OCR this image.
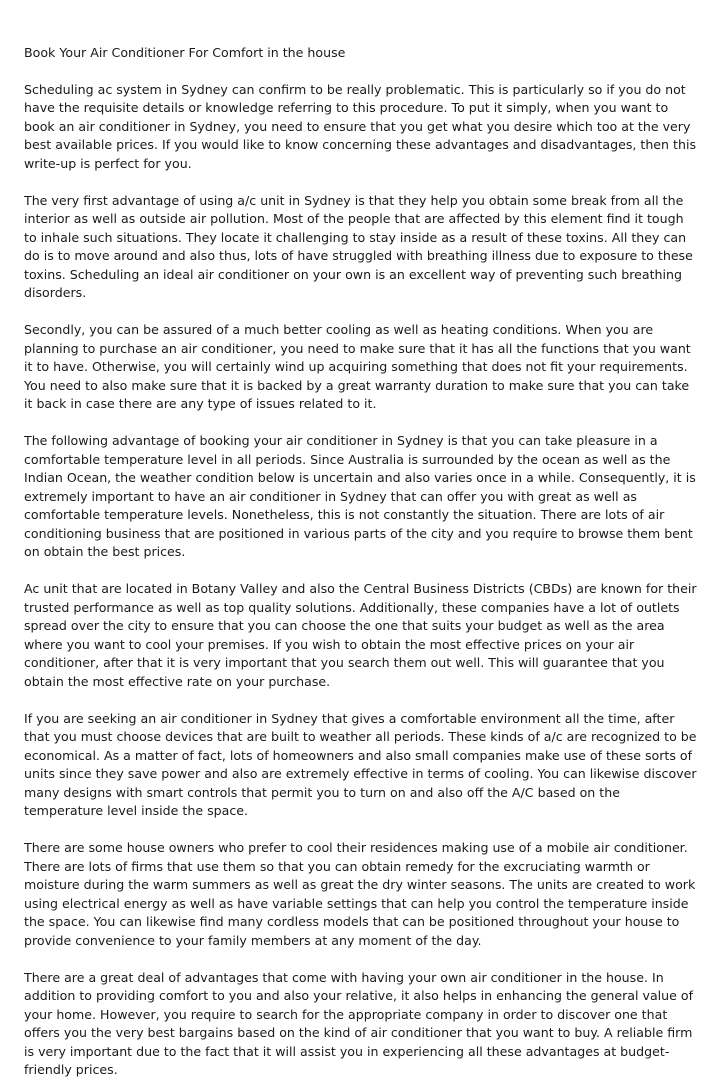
Book Your Air Conditioner For Comfort in the house

Scheduling ac system in Sydney can confirm to be really problematic. This is particularly so if you do not have the requisite details or knowledge referring to this procedure. To put it simply, when you want to book an air conditioner in Sydney, you need to ensure that you get what you desire which too at the very best available prices. If you would like to know concerning these advantages and disadvantages, then this write-up is perfect for you.

The very first advantage of using a/c unit in Sydney is that they help you obtain some break from all the interior as well as outside air pollution. Most of the people that are affected by this element find it tough to inhale such situations. They locate it challenging to stay inside as a result of these toxins. All they can do is to move around and also thus, lots of have struggled with breathing illness due to exposure to these toxins. Scheduling an ideal air conditioner on your own is an excellent way of preventing such breathing disorders.

Secondly, you can be assured of a much better cooling as well as heating conditions. When you are planning to purchase an air conditioner, you need to make sure that it has all the functions that you want it to have. Otherwise, you will certainly wind up acquiring something that does not fit your requirements. You need to also make sure that it is backed by a great warranty duration to make sure that you can take it back in case there are any type of issues related to it.

The following advantage of booking your air conditioner in Sydney is that you can take pleasure in a comfortable temperature level in all periods. Since Australia is surrounded by the ocean as well as the Indian Ocean, the weather condition below is uncertain and also varies once in a while. Consequently, it is extremely important to have an air conditioner in Sydney that can offer you with great as well as comfortable temperature levels. Nonetheless, this is not constantly the situation. There are lots of air conditioning business that are positioned in various parts of the city and you require to browse them bent on obtain the best prices.

Ac unit that are located in Botany Valley and also the Central Business Districts (CBDs) are known for their trusted performance as well as top quality solutions. Additionally, these companies have a lot of outlets spread over the city to ensure that you can choose the one that suits your budget as well as the area where you want to cool your premises. If you wish to obtain the most effective prices on your air conditioner, after that it is very important that you search them out well. This will guarantee that you obtain the most effective rate on your purchase.

If you are seeking an air conditioner in Sydney that gives a comfortable environment all the time, after that you must choose devices that are built to weather all periods. These kinds of a/c are recognized to be economical. As a matter of fact, lots of homeowners and also small companies make use of these sorts of units since they save power and also are extremely effective in terms of cooling. You can likewise discover many designs with smart controls that permit you to turn on and also off the A/C based on the temperature level inside the space.

There are some house owners who prefer to cool their residences making use of a mobile air conditioner. There are lots of firms that use them so that you can obtain remedy for the excruciating warmth or moisture during the warm summers as well as great the dry winter seasons. The units are created to work using electrical energy as well as have variable settings that can help you control the temperature inside the space. You can likewise find many cordless models that can be positioned throughout your house to provide convenience to your family members at any moment of the day.

There are a great deal of advantages that come with having your own air conditioner in the house. In addition to providing comfort to you and also your relative, it also helps in enhancing the general value of your home. However, you require to search for the appropriate company in order to discover one that offers you the very best bargains based on the kind of air conditioner that you want to buy. A reliable firm is very important due to the fact that it will assist you in experiencing all these advantages at budget-friendly prices.
